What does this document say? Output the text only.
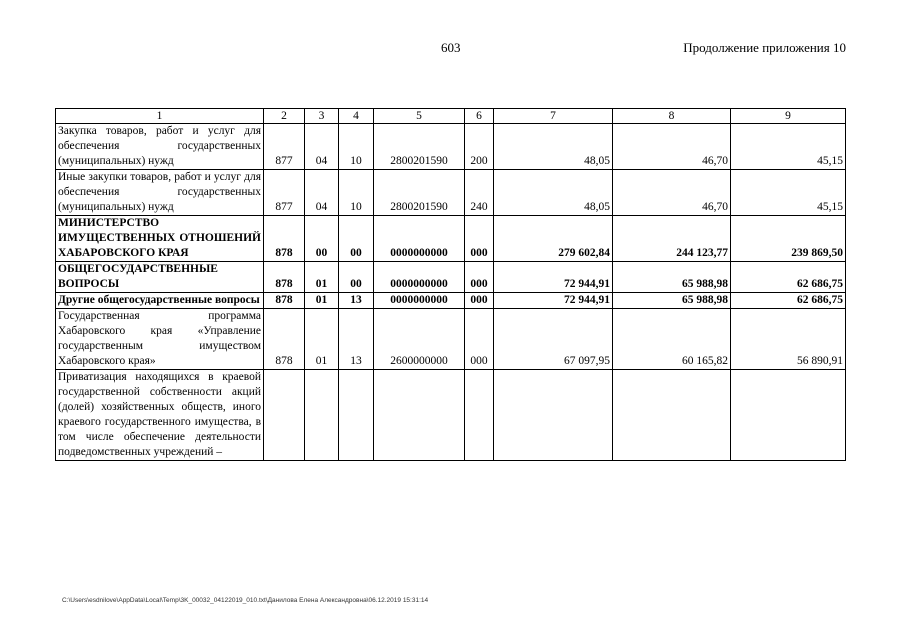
603	Продолжение приложения 10
1	2	3	4	5	6	7	8	9
Закупка товаров, работ и услуг для обеспечения государственных (муниципальных) нужд	877	04	10	2800201590	200	48,05	46,70	45,15
Иные закупки товаров, работ и услуг для обеспечения государственных (муниципальных) нужд	877	04	10	2800201590	240	48,05	46,70	45,15
МИНИСТЕРСТВО ИМУЩЕСТВЕННЫХ ОТНОШЕНИЙ ХАБАРОВСКОГО КРАЯ	878	00	00	0000000000	000	279 602,84	244 123,77	239 869,50
ОБЩЕГОСУДАРСТВЕННЫЕ ВОПРОСЫ	878	01	00	0000000000	000	72 944,91	65 988,98	62 686,75
Другие общегосударственные вопросы	878	01	13	0000000000	000	72 944,91	65 988,98	62 686,75
Государственная программа Хабаровского края «Управление государственным имуществом Хабаровского края»	878	01	13	2600000000	000	67 097,95	60 165,82	56 890,91
Приватизация находящихся в краевой государственной собственности акций (долей) хозяйственных обществ, иного краевого государственного имущества, в том числе обеспечение деятельности подведомственных учреждений –								
C:\Users\esdnilove\AppData\Local\Temp\3K_00032_04122019_010.txt\Данилова Елена Александровна\06.12.2019 15:31:14
